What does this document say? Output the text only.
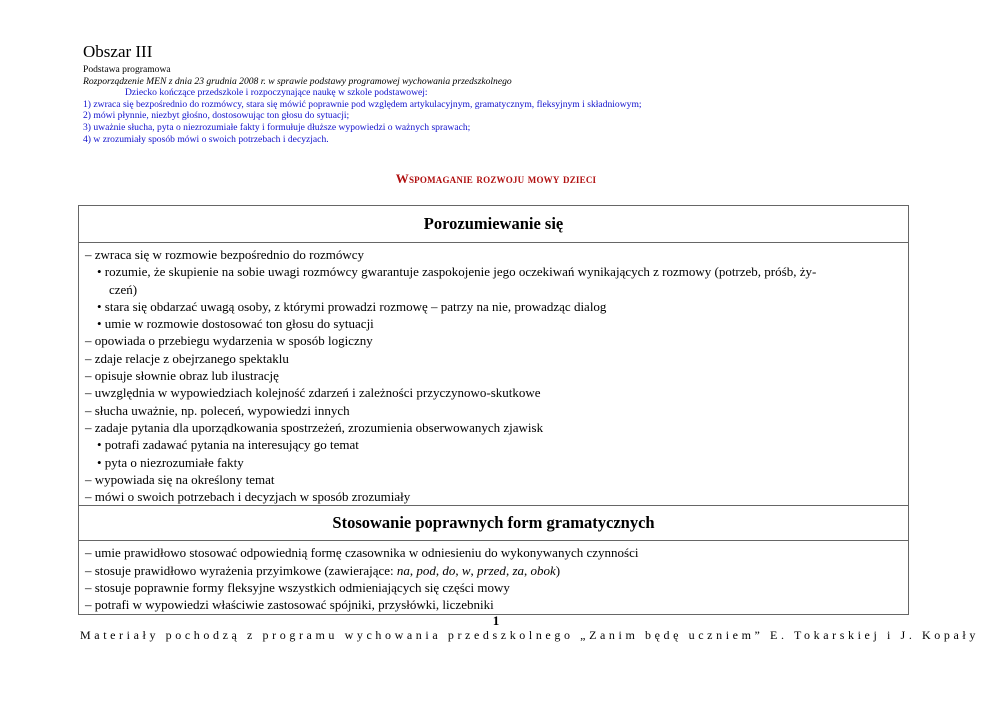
Obszar III
Podstawa programowa
Rozporządzenie MEN z dnia 23 grudnia 2008 r. w sprawie podstawy programowej wychowania przedszkolnego
Dziecko kończące przedszkole i rozpoczynające naukę w szkole podstawowej:
1) zwraca się bezpośrednio do rozmówcy, stara się mówić poprawnie pod względem artykulacyjnym, gramatycznym, fleksyjnym i składniowym;
2) mówi płynnie, niezbyt głośno, dostosowując ton głosu do sytuacji;
3) uważnie słucha, pyta o niezrozumiałe fakty i formułuje dłuższe wypowiedzi o ważnych sprawach;
4) w zrozumiały sposób mówi o swoich potrzebach i decyzjach.
Wspomaganie rozwoju mowy dzieci
Porozumiewanie się
– zwraca się w rozmowie bezpośrednio do rozmówcy
• rozumie, że skupienie na sobie uwagi rozmówcy gwarantuje zaspokojenie jego oczekiwań wynikających z rozmowy (potrzeb, próśb, ży-
czeń)
• stara się obdarzać uwagą osoby, z którymi prowadzi rozmowę – patrzy na nie, prowadząc dialog
• umie w rozmowie dostosować ton głosu do sytuacji
– opowiada o przebiegu wydarzenia w sposób logiczny
– zdaje relacje z obejrzanego spektaklu
– opisuje słownie obraz lub ilustrację
– uwzględnia w wypowiedziach kolejność zdarzeń i zależności przyczynowo-skutkowe
– słucha uważnie, np. poleceń, wypowiedzi innych
– zadaje pytania dla uporządkowania spostrzeżeń, zrozumienia obserwowanych zjawisk
• potrafi zadawać pytania na interesujący go temat
• pyta o niezrozumiałe fakty
– wypowiada się na określony temat
– mówi o swoich potrzebach i decyzjach w sposób zrozumiały
Stosowanie poprawnych form gramatycznych
– umie prawidłowo stosować odpowiednią formę czasownika w odniesieniu do wykonywanych czynności
– stosuje prawidłowo wyrażenia przyimkowe (zawierające: na, pod, do, w, przed, za, obok)
– stosuje poprawnie formy fleksyjne wszystkich odmieniających się części mowy
– potrafi w wypowiedzi właściwie zastosować spójniki, przysłówki, liczebniki
1
Materiały pochodzą z programu wychowania przedszkolnego „Zanim będę uczniem” E. Tokarskiej i J. Kopały
